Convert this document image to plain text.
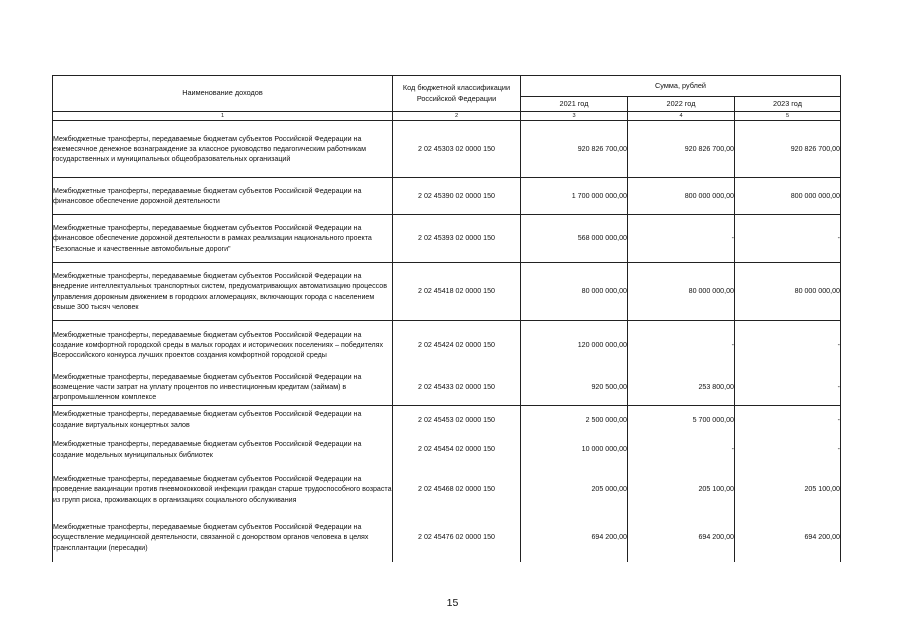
Наименование доходов	Код бюджетной классификации Российской Федерации	Сумма, рублей		
		2021 год	2022 год	2023 год
1	2	3	4	5
Межбюджетные трансферты, передаваемые бюджетам субъектов Российской Федерации на ежемесячное денежное вознаграждение за классное руководство педагогическим работникам государственных и муниципальных общеобразовательных организаций	2 02 45303 02 0000 150	920 826 700,00	920 826 700,00	920 826 700,00
Межбюджетные трансферты, передаваемые бюджетам субъектов Российской Федерации на финансовое обеспечение дорожной деятельности	2 02 45390 02 0000 150	1 700 000 000,00	800 000 000,00	800 000 000,00
Межбюджетные трансферты, передаваемые бюджетам субъектов Российской Федерации на финансовое обеспечение дорожной деятельности в рамках реализации национального проекта "Безопасные и качественные автомобильные дороги"	2 02 45393 02 0000 150	568 000 000,00	-	-
Межбюджетные трансферты, передаваемые бюджетам субъектов Российской Федерации на внедрение интеллектуальных транспортных систем, предусматривающих автоматизацию процессов управления дорожным движением в городских агломерациях, включающих города с населением свыше 300 тысяч человек	2 02 45418 02 0000 150	80 000 000,00	80 000 000,00	80 000 000,00
Межбюджетные трансферты, передаваемые бюджетам субъектов Российской Федерации на создание комфортной городской среды в малых городах и исторических поселениях – победителях Всероссийского конкурса лучших проектов создания комфортной городской среды	2 02 45424 02 0000 150	120 000 000,00	-	-
Межбюджетные трансферты, передаваемые бюджетам субъектов Российской Федерации на возмещение части затрат на уплату процентов по инвестиционным кредитам (займам) в агропромышленном комплексе	2 02 45433 02 0000 150	920 500,00	253 800,00	-
Межбюджетные трансферты, передаваемые бюджетам субъектов Российской Федерации на создание виртуальных концертных залов	2 02 45453 02 0000 150	2 500 000,00	5 700 000,00	-
Межбюджетные трансферты, передаваемые бюджетам субъектов Российской Федерации на создание модельных муниципальных библиотек	2 02 45454 02 0000 150	10 000 000,00	-	-
Межбюджетные трансферты, передаваемые бюджетам субъектов Российской Федерации на проведение вакцинации против пневмококковой инфекции граждан старше трудоспособного возраста из групп риска, проживающих в организациях социального обслуживания	2 02 45468 02 0000 150	205 000,00	205 100,00	205 100,00
Межбюджетные трансферты, передаваемые бюджетам субъектов Российской Федерации на осуществление медицинской деятельности, связанной с донорством органов человека в целях трансплантации (пересадки)	2 02 45476 02 0000 150	694 200,00	694 200,00	694 200,00
15
